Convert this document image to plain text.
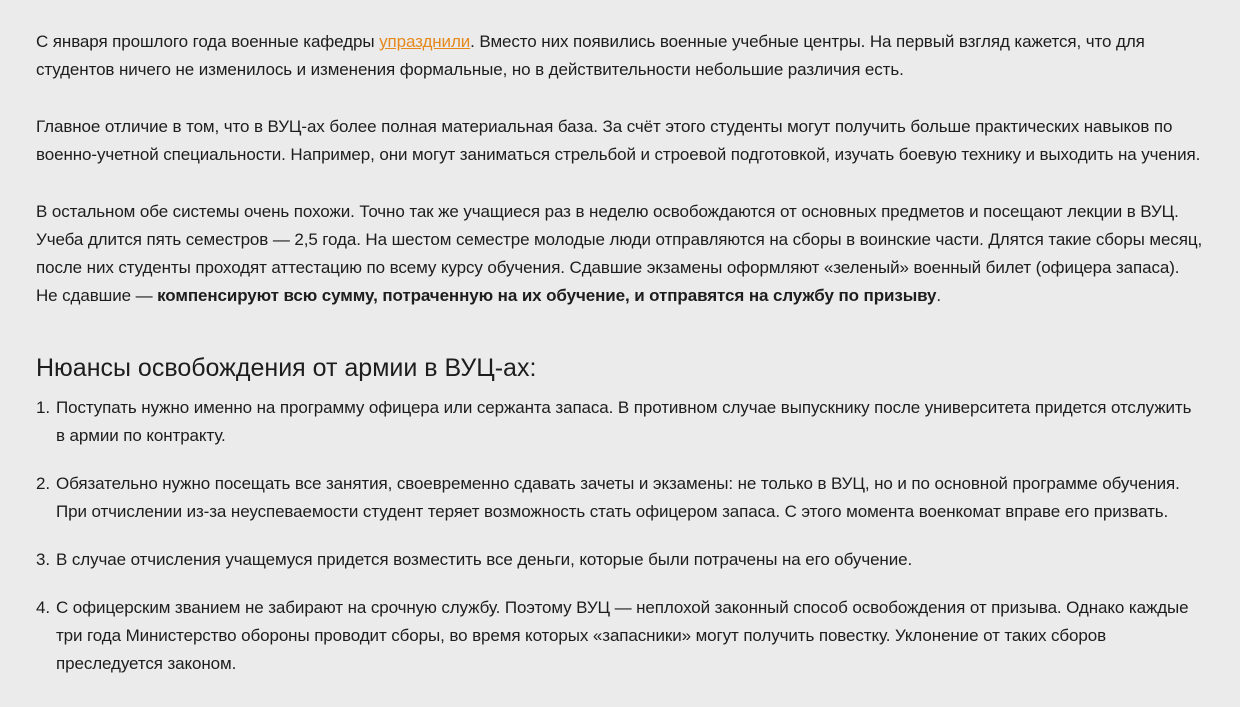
С января прошлого года военные кафедры упразднили. Вместо них появились военные учебные центры. На первый взгляд кажется, что для студентов ничего не изменилось и изменения формальные, но в действительности небольшие различия есть.

Главное отличие в том, что в ВУЦ-ах более полная материальная база. За счёт этого студенты могут получить больше практических навыков по военно-учетной специальности. Например, они могут заниматься стрельбой и строевой подготовкой, изучать боевую технику и выходить на учения.

В остальном обе системы очень похожи. Точно так же учащиеся раз в неделю освобождаются от основных предметов и посещают лекции в ВУЦ. Учеба длится пять семестров — 2,5 года. На шестом семестре молодые люди отправляются на сборы в воинские части. Длятся такие сборы месяц, после них студенты проходят аттестацию по всему курсу обучения. Сдавшие экзамены оформляют «зеленый» военный билет (офицера запаса). Не сдавшие — компенсируют всю сумму, потраченную на их обучение, и отправятся на службу по призыву.

Нюансы освобождения от армии в ВУЦ-ах:
1. Поступать нужно именно на программу офицера или сержанта запаса. В противном случае выпускнику после университета придется отслужить в армии по контракту.
2. Обязательно нужно посещать все занятия, своевременно сдавать зачеты и экзамены: не только в ВУЦ, но и по основной программе обучения. При отчислении из-за неуспеваемости студент теряет возможность стать офицером запаса. С этого момента военкомат вправе его призвать.
3. В случае отчисления учащемуся придется возместить все деньги, которые были потрачены на его обучение.
4. С офицерским званием не забирают на срочную службу. Поэтому ВУЦ — неплохой законный способ освобождения от призыва. Однако каждые три года Министерство обороны проводит сборы, во время которых «запасники» могут получить повестку. Уклонение от таких сборов преследуется законом.
